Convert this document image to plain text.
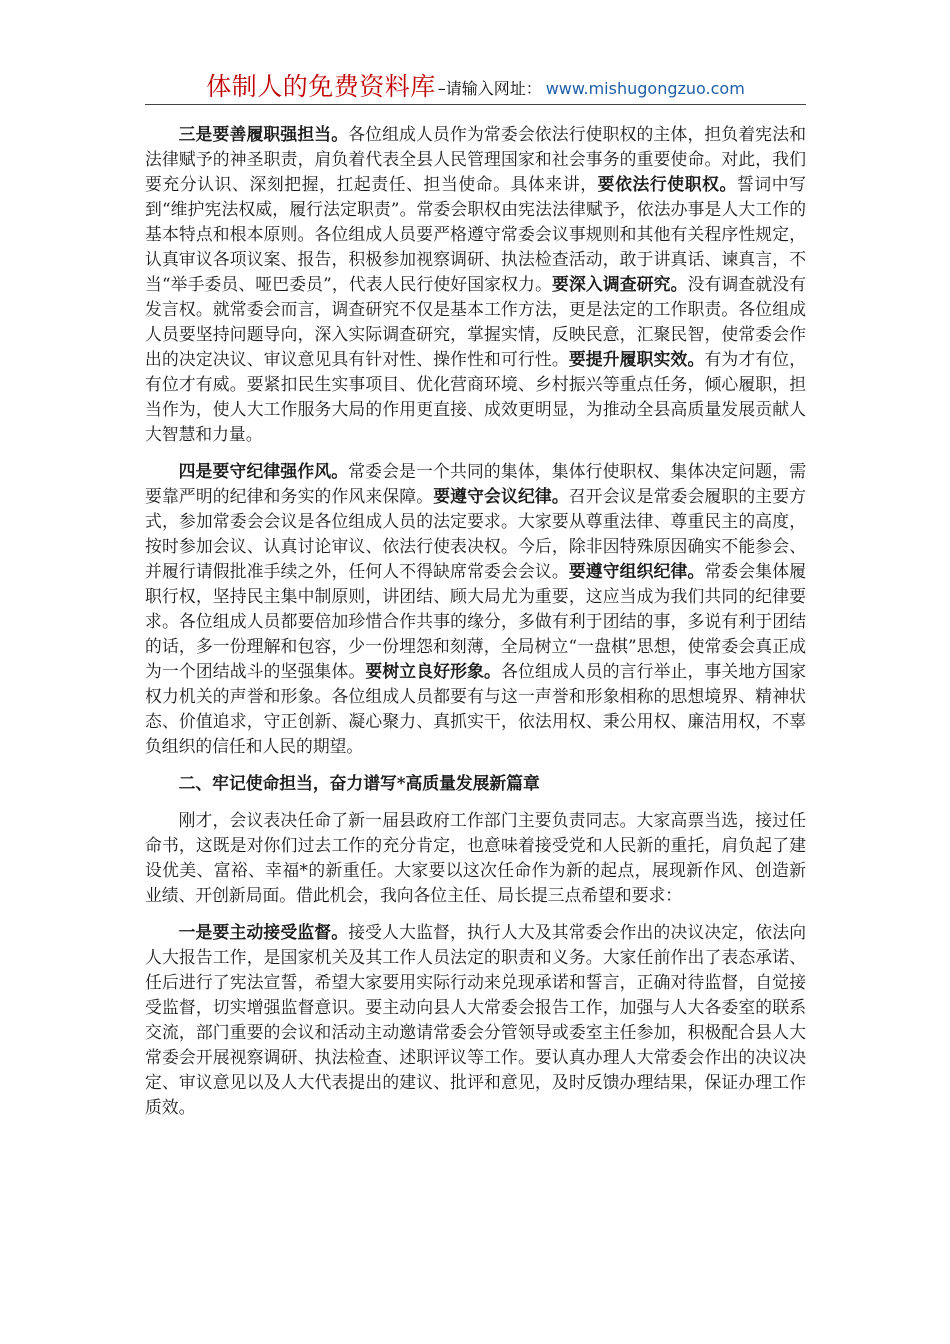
体制人的免费资料库 –请输入网址： www.mishugongzuo.com

三是要善履职强担当。各位组成人员作为常委会依法行使职权的主体，担负着宪法和法律赋予的神圣职责，肩负着代表全县人民管理国家和社会事务的重要使命。对此，我们要充分认识、深刻把握，扛起责任、担当使命。具体来讲，要依法行使职权。誓词中写到“维护宪法权威，履行法定职责”。常委会职权由宪法法律赋予，依法办事是人大工作的基本特点和根本原则。各位组成人员要严格遵守常委会议事规则和其他有关程序性规定，认真审议各项议案、报告，积极参加视察调研、执法检查活动，敢于讲真话、谏真言，不当“举手委员、哑巴委员”，代表人民行使好国家权力。要深入调查研究。没有调查就没有发言权。就常委会而言，调查研究不仅是基本工作方法，更是法定的工作职责。各位组成人员要坚持问题导向，深入实际调查研究，掌握实情，反映民意，汇聚民智，使常委会作出的决定决议、审议意见具有针对性、操作性和可行性。要提升履职实效。有为才有位，有位才有威。要紧扣民生实事项目、优化营商环境、乡村振兴等重点任务，倾心履职，担当作为，使人大工作服务大局的作用更直接、成效更明显，为推动全县高质量发展贡献人大智慧和力量。

四是要守纪律强作风。常委会是一个共同的集体，集体行使职权、集体决定问题，需要靠严明的纪律和务实的作风来保障。要遵守会议纪律。召开会议是常委会履职的主要方式，参加常委会会议是各位组成人员的法定要求。大家要从尊重法律、尊重民主的高度，按时参加会议、认真讨论审议、依法行使表决权。今后，除非因特殊原因确实不能参会、并履行请假批准手续之外，任何人不得缺席常委会会议。要遵守组织纪律。常委会集体履职行权，坚持民主集中制原则，讲团结、顾大局尤为重要，这应当成为我们共同的纪律要求。各位组成人员都要倍加珍惜合作共事的缘分，多做有利于团结的事，多说有利于团结的话，多一份理解和包容，少一份埋怨和刻薄，全局树立“一盘棋”思想，使常委会真正成为一个团结战斗的坚强集体。要树立良好形象。各位组成人员的言行举止，事关地方国家权力机关的声誉和形象。各位组成人员都要有与这一声誉和形象相称的思想境界、精神状态、价值追求，守正创新、凝心聚力、真抓实干，依法用权、秉公用权、廉洁用权，不辜负组织的信任和人民的期望。

二、牢记使命担当，奋力谱写*高质量发展新篇章

刚才，会议表决任命了新一届县政府工作部门主要负责同志。大家高票当选，接过任命书，这既是对你们过去工作的充分肯定，也意味着接受党和人民新的重托，肩负起了建设优美、富裕、幸福*的新重任。大家要以这次任命作为新的起点，展现新作风、创造新业绩、开创新局面。借此机会，我向各位主任、局长提三点希望和要求：

一是要主动接受监督。接受人大监督，执行人大及其常委会作出的决议决定，依法向人大报告工作，是国家机关及其工作人员法定的职责和义务。大家任前作出了表态承诺、任后进行了宪法宣誓，希望大家要用实际行动来兑现承诺和誓言，正确对待监督，自觉接受监督，切实增强监督意识。要主动向县人大常委会报告工作，加强与人大各委室的联系交流，部门重要的会议和活动主动邀请常委会分管领导或委室主任参加，积极配合县人大常委会开展视察调研、执法检查、述职评议等工作。要认真办理人大常委会作出的决议决定、审议意见以及人大代表提出的建议、批评和意见，及时反馈办理结果，保证办理工作质效。
